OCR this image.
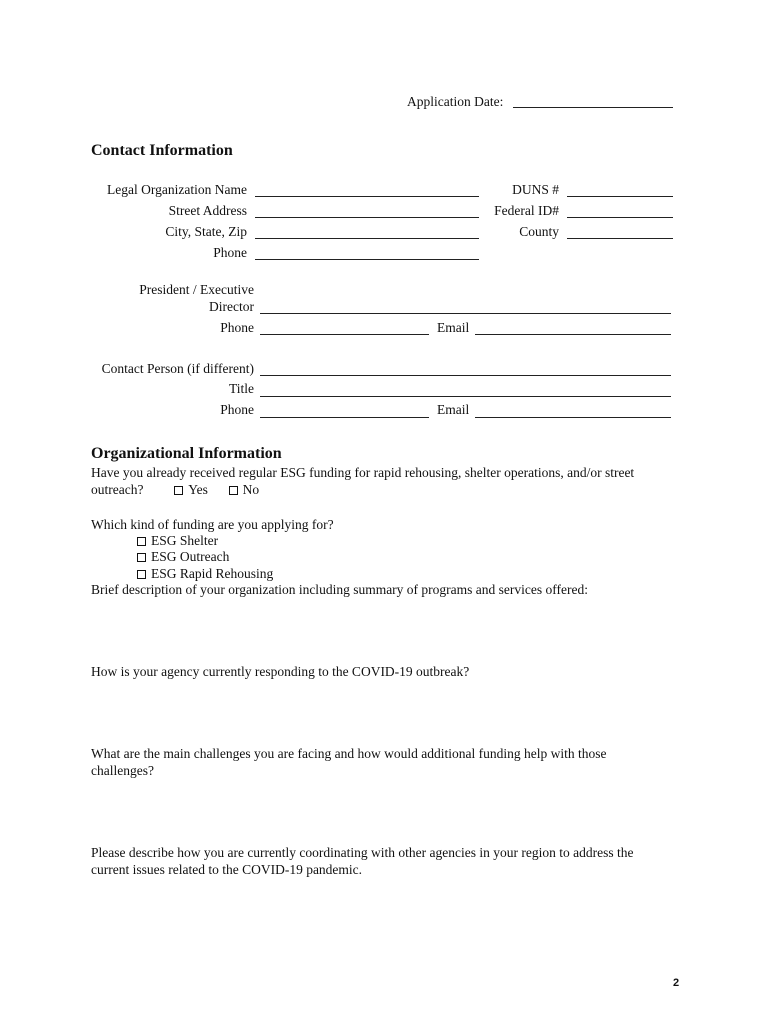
Application Date:
Contact Information
Legal Organization Name	DUNS #
Street Address	Federal ID#
City, State, Zip	County
Phone
President / Executive
Director
Phone	Email
Contact Person (if different)
Title
Phone	Email
Organizational Information
Have you already received regular ESG funding for rapid rehousing, shelter operations, and/or street outreach?	Yes	No
Which kind of funding are you applying for?
ESG Shelter
ESG Outreach
ESG Rapid Rehousing
Brief description of your organization including summary of programs and services offered:
How is your agency currently responding to the COVID-19 outbreak?
What are the main challenges you are facing and how would additional funding help with those challenges?
Please describe how you are currently coordinating with other agencies in your region to address the current issues related to the COVID-19 pandemic.
2
